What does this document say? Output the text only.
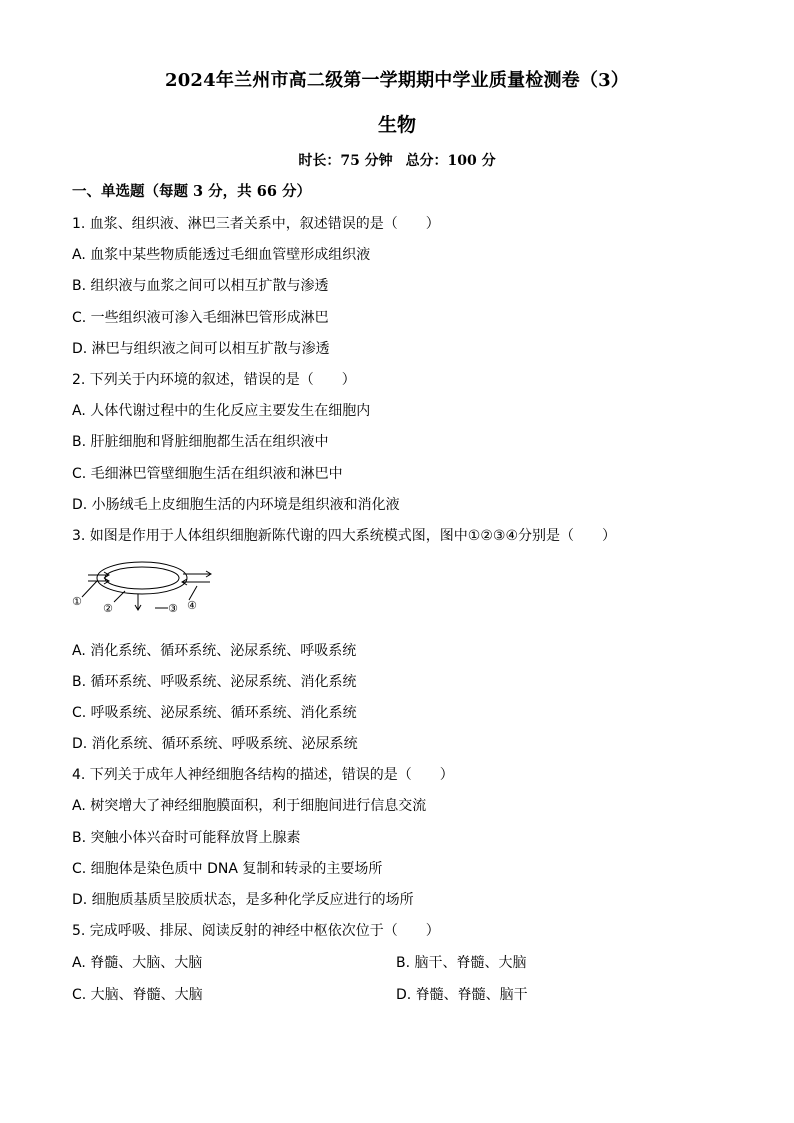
2024年兰州市高二级第一学期期中学业质量检测卷（3）
生物
时长：75 分钟 总分：100 分
一、单选题（每题 3 分，共 66 分）
1. 血浆、组织液、淋巴三者关系中，叙述错误的是（　　）
A. 血浆中某些物质能透过毛细血管壁形成组织液
B. 组织液与血浆之间可以相互扩散与渗透
C. 一些组织液可渗入毛细淋巴管形成淋巴
D. 淋巴与组织液之间可以相互扩散与渗透
2. 下列关于内环境的叙述，错误的是（　　）
A. 人体代谢过程中的生化反应主要发生在细胞内
B. 肝脏细胞和肾脏细胞都生活在组织液中
C. 毛细淋巴管壁细胞生活在组织液和淋巴中
D. 小肠绒毛上皮细胞生活的内环境是组织液和消化液
3. 如图是作用于人体组织细胞新陈代谢的四大系统模式图，图中①②③④分别是（　　）
①
②	③ ④
A. 消化系统、循环系统、泌尿系统、呼吸系统
B. 循环系统、呼吸系统、泌尿系统、消化系统
C. 呼吸系统、泌尿系统、循环系统、消化系统
D. 消化系统、循环系统、呼吸系统、泌尿系统
4. 下列关于成年人神经细胞各结构的描述，错误的是（　　）
A. 树突增大了神经细胞膜面积，利于细胞间进行信息交流
B. 突触小体兴奋时可能释放肾上腺素
C. 细胞体是染色质中 DNA 复制和转录的主要场所
D. 细胞质基质呈胶质状态，是多种化学反应进行的场所
5. 完成呼吸、排尿、阅读反射的神经中枢依次位于（　　）
A. 脊髓、大脑、大脑	B. 脑干、脊髓、大脑
C. 大脑、脊髓、大脑	D. 脊髓、脊髓、脑干
